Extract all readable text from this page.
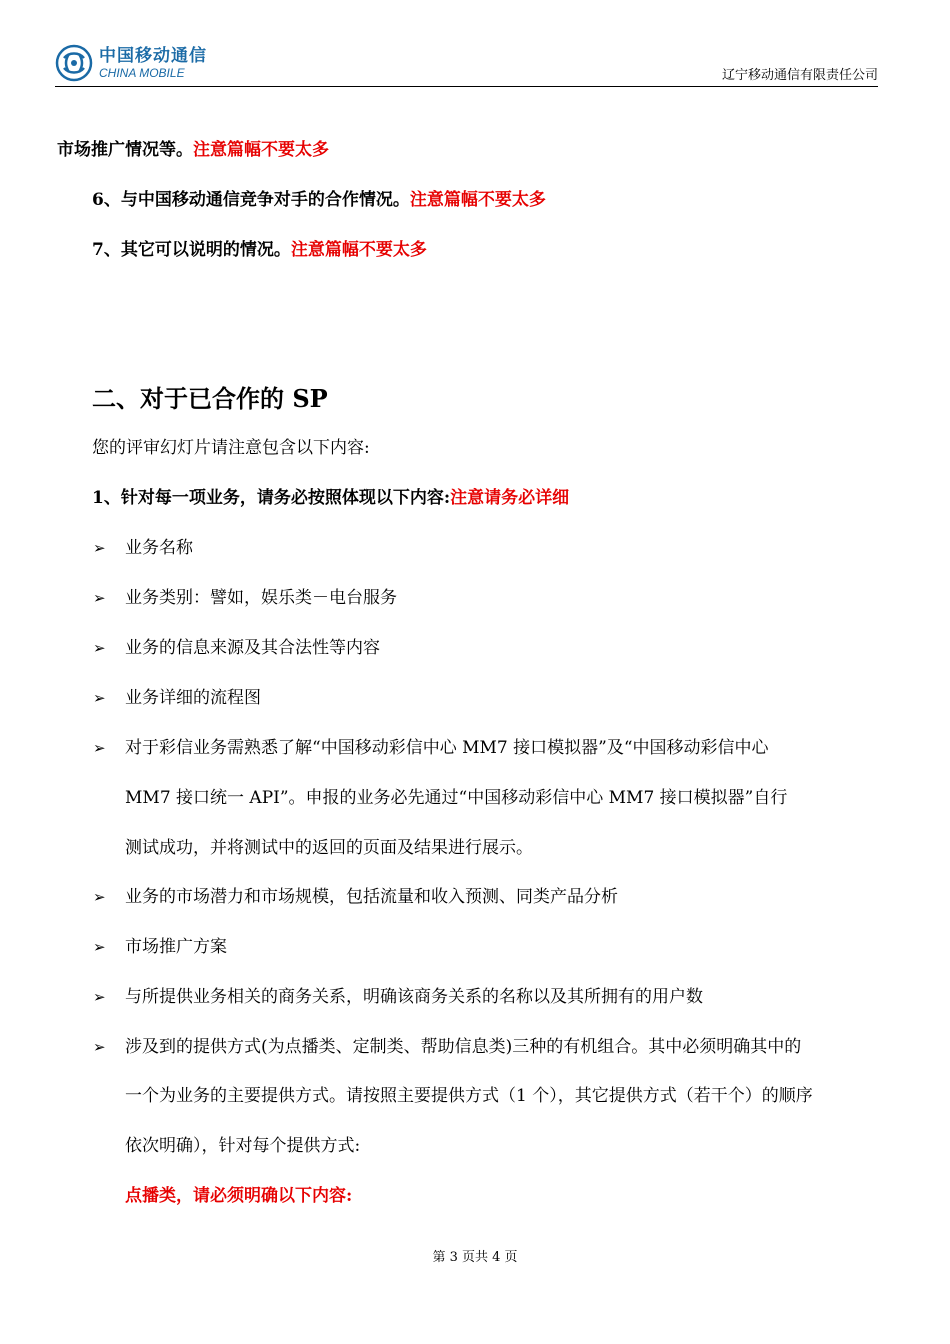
中国移动通信
CHINA MOBILE	辽宁移动通信有限责任公司
市场推广情况等。注意篇幅不要太多
6、与中国移动通信竞争对手的合作情况。注意篇幅不要太多
7、其它可以说明的情况。注意篇幅不要太多
二、对于已合作的 SP
您的评审幻灯片请注意包含以下内容:
1、针对每一项业务，请务必按照体现以下内容:注意请务必详细
➢ 业务名称
➢ 业务类别：譬如，娱乐类－电台服务
➢ 业务的信息来源及其合法性等内容
➢ 业务详细的流程图
➢ 对于彩信业务需熟悉了解“中国移动彩信中心 MM7 接口模拟器”及“中国移动彩信中心
MM7 接口统一 API”。申报的业务必先通过“中国移动彩信中心 MM7 接口模拟器”自行
测试成功，并将测试中的返回的页面及结果进行展示。
➢ 业务的市场潜力和市场规模，包括流量和收入预测、同类产品分析
➢ 市场推广方案
➢ 与所提供业务相关的商务关系，明确该商务关系的名称以及其所拥有的用户数
➢ 涉及到的提供方式(为点播类、定制类、帮助信息类)三种的有机组合。其中必须明确其中的
一个为业务的主要提供方式。请按照主要提供方式（1 个），其它提供方式（若干个）的顺序
依次明确），针对每个提供方式:
点播类，请必须明确以下内容:
第 3 页共 4 页
